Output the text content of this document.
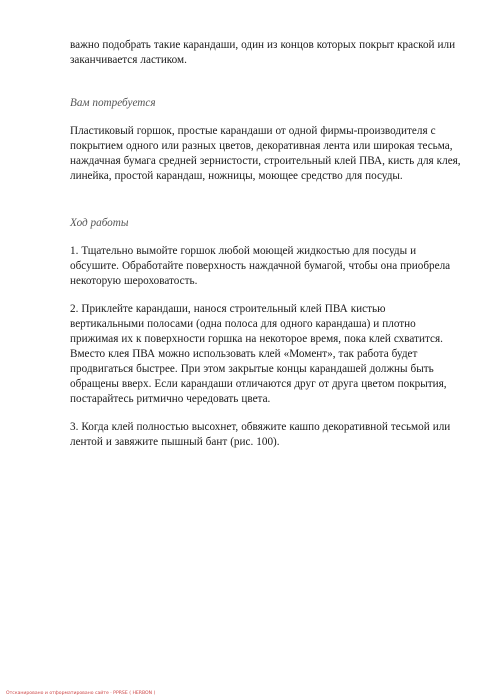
важно подобрать такие карандаши, один из концов которых покрыт краской или заканчивается ластиком.

Вам потребуется

Пластиковый горшок, простые карандаши от одной фирмы-производителя с покрытием одного или разных цветов, декоративная лента или широкая тесьма, наждачная бумага средней зернистости, строительный клей ПВА, кисть для клея, линейка, простой карандаш, ножницы, моющее средство для посуды.

Ход работы

1. Тщательно вымойте горшок любой моющей жидкостью для посуды и обсушите. Обработайте поверхность наждачной бумагой, чтобы она приобрела некоторую шероховатость.

2. Приклейте карандаши, нанося строительный клей ПВА кистью вертикальными полосами (одна полоса для одного карандаша) и плотно прижимая их к поверхности горшка на некоторое время, пока клей схватится. Вместо клея ПВА можно использовать клей «Момент», так работа будет продвигаться быстрее. При этом закрытые концы карандашей должны быть обращены вверх. Если карандаши отличаются друг от друга цветом покрытия, постарайтесь ритмично чередовать цвета.

3. Когда клей полностью высохнет, обвяжите кашпо декоративной тесьмой или лентой и завяжите пышный бант (рис. 100).

Отсканировано и отформатировано сайте · PPRSE ( HERBON )
